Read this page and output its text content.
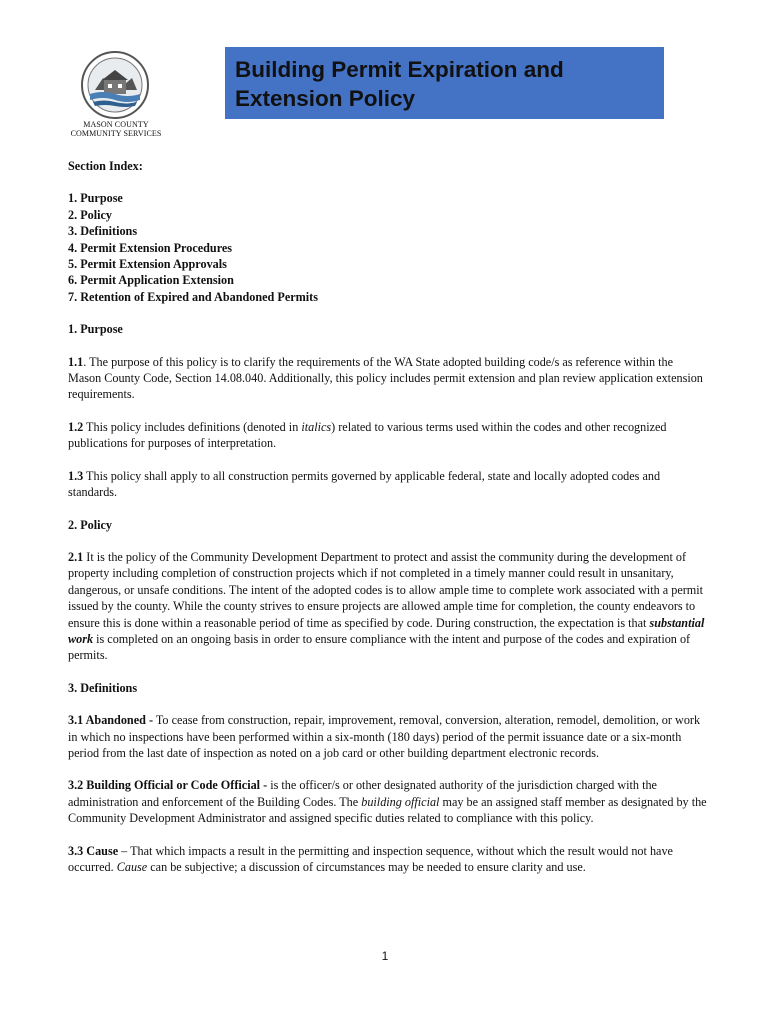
MASON COUNTY
COMMUNITY SERVICES
Building Permit Expiration and
Extension Policy

Section Index:

1. Purpose
2. Policy
3. Definitions
4. Permit Extension Procedures
5. Permit Extension Approvals
6. Permit Application Extension
7. Retention of Expired and Abandoned Permits
1. Purpose

1.1. The purpose of this policy is to clarify the requirements of the WA State adopted building code/s as reference within the Mason County Code, Section 14.08.040. Additionally, this policy includes permit extension and plan review application extension requirements.

1.2 This policy includes definitions (denoted in italics) related to various terms used within the codes and other recognized publications for purposes of interpretation.

1.3 This policy shall apply to all construction permits governed by applicable federal, state and locally adopted codes and standards.

2. Policy

2.1 It is the policy of the Community Development Department to protect and assist the community during the development of property including completion of construction projects which if not completed in a timely manner could result in unsanitary, dangerous, or unsafe conditions. The intent of the adopted codes is to allow ample time to complete work associated with a permit issued by the county. While the county strives to ensure projects are allowed ample time for completion, the county endeavors to ensure this is done within a reasonable period of time as specified by code. During construction, the expectation is that substantial work is completed on an ongoing basis in order to ensure compliance with the intent and purpose of the codes and expiration of permits.

3. Definitions

3.1 Abandoned - To cease from construction, repair, improvement, removal, conversion, alteration, remodel, demolition, or work in which no inspections have been performed within a six-month (180 days) period of the permit issuance date or a six-month period from the last date of inspection as noted on a job card or other building department electronic records.

3.2 Building Official or Code Official - is the officer/s or other designated authority of the jurisdiction charged with the administration and enforcement of the Building Codes. The building official may be an assigned staff member as designated by the Community Development Administrator and assigned specific duties related to compliance with this policy.

3.3 Cause – That which impacts a result in the permitting and inspection sequence, without which the result would not have occurred. Cause can be subjective; a discussion of circumstances may be needed to ensure clarity and use.

1
